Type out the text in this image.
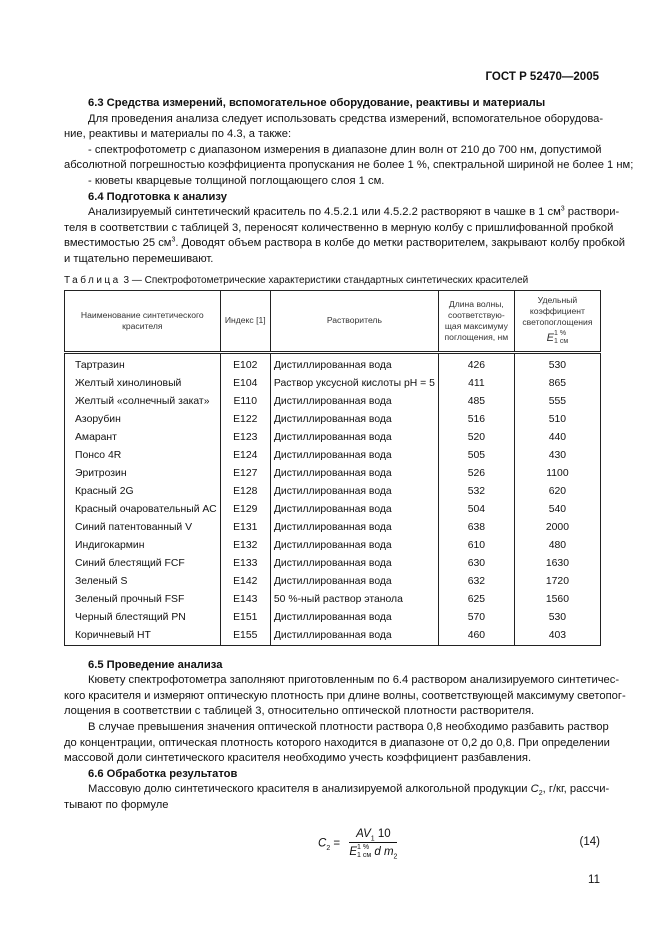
ГОСТ Р 52470—2005
6.3 Средства измерений, вспомогательное оборудование, реактивы и материалы
Для проведения анализа следует использовать средства измерений, вспомогательное оборудова-
ние, реактивы и материалы по 4.3, а также:
- спектрофотометр с диапазоном измерения в диапазоне длин волн от 210 до 700 нм, допустимой
абсолютной погрешностью коэффициента пропускания не более 1 %, спектральной шириной не более 1 нм;
- кюветы кварцевые толщиной поглощающего слоя 1 см.
6.4 Подготовка к анализу
Анализируемый синтетический краситель по 4.5.2.1 или 4.5.2.2 растворяют в чашке в 1 $см^3$ раствори-
теля в соответствии с таблицей 3, переносят количественно в мерную колбу с пришлифованной пробкой
вместимостью 25 $см^3$. Доводят объем раствора в колбе до метки растворителем, закрывают колбу пробкой
и тщательно перемешивают.
Таблица 3 — Спектрофотометрические характеристики стандартных синтетических красителей
Наименование синтетического красителя	Индекс [1]	Растворитель	Длина волны, соответствую-щая максимуму поглощения, нм	Удельный коэффициент светопоглощения
E1 %
1 см

Тартразин	E102	Дистиллированная вода	426	530
Желтый хинолиновый	E104	Раствор уксусной кислоты рН = 5	411	865
Желтый «солнечный закат»	E110	Дистиллированная вода	485	555
Азорубин	E122	Дистиллированная вода	516	510
Амарант	E123	Дистиллированная вода	520	440
Понсо 4R	E124	Дистиллированная вода	505	430
Эритрозин	E127	Дистиллированная вода	526	1100
Красный 2G	E128	Дистиллированная вода	532	620
Красный очаровательный АС	E129	Дистиллированная вода	504	540
Синий патентованный V	E131	Дистиллированная вода	638	2000
Индигокармин	E132	Дистиллированная вода	610	480
Синий блестящий FCF	E133	Дистиллированная вода	630	1630
Зеленый S	E142	Дистиллированная вода	632	1720
Зеленый прочный FSF	E143	50 %-ный раствор этанола	625	1560
Черный блестящий PN	E151	Дистиллированная вода	570	530
Коричневый НТ	E155	Дистиллированная вода	460	403
6.5 Проведение анализа
Кювету спектрофотометра заполняют приготовленным по 6.4 раствором анализируемого синтетичес-
кого красителя и измеряют оптическую плотность при длине волны, соответствующей максимуму светопог-
лощения в соответствии с таблицей 3, относительно оптической плотности растворителя.
В случае превышения значения оптической плотности раствора 0,8 необходимо разбавить раствор
до концентрации, оптическая плотность которого находится в диапазоне от 0,2 до 0,8. При определении
массовой доли синтетического красителя необходимо учесть коэффициент разбавления.
6.6 Обработка результатов
Массовую долю синтетического красителя в анализируемой алкогольной продукции $C_2$, г/кг, рассчи-
тывают по формуле
$C_2$ =
$AV_1$ 10
E1 %
1 см d $m_2$
(14)
11
